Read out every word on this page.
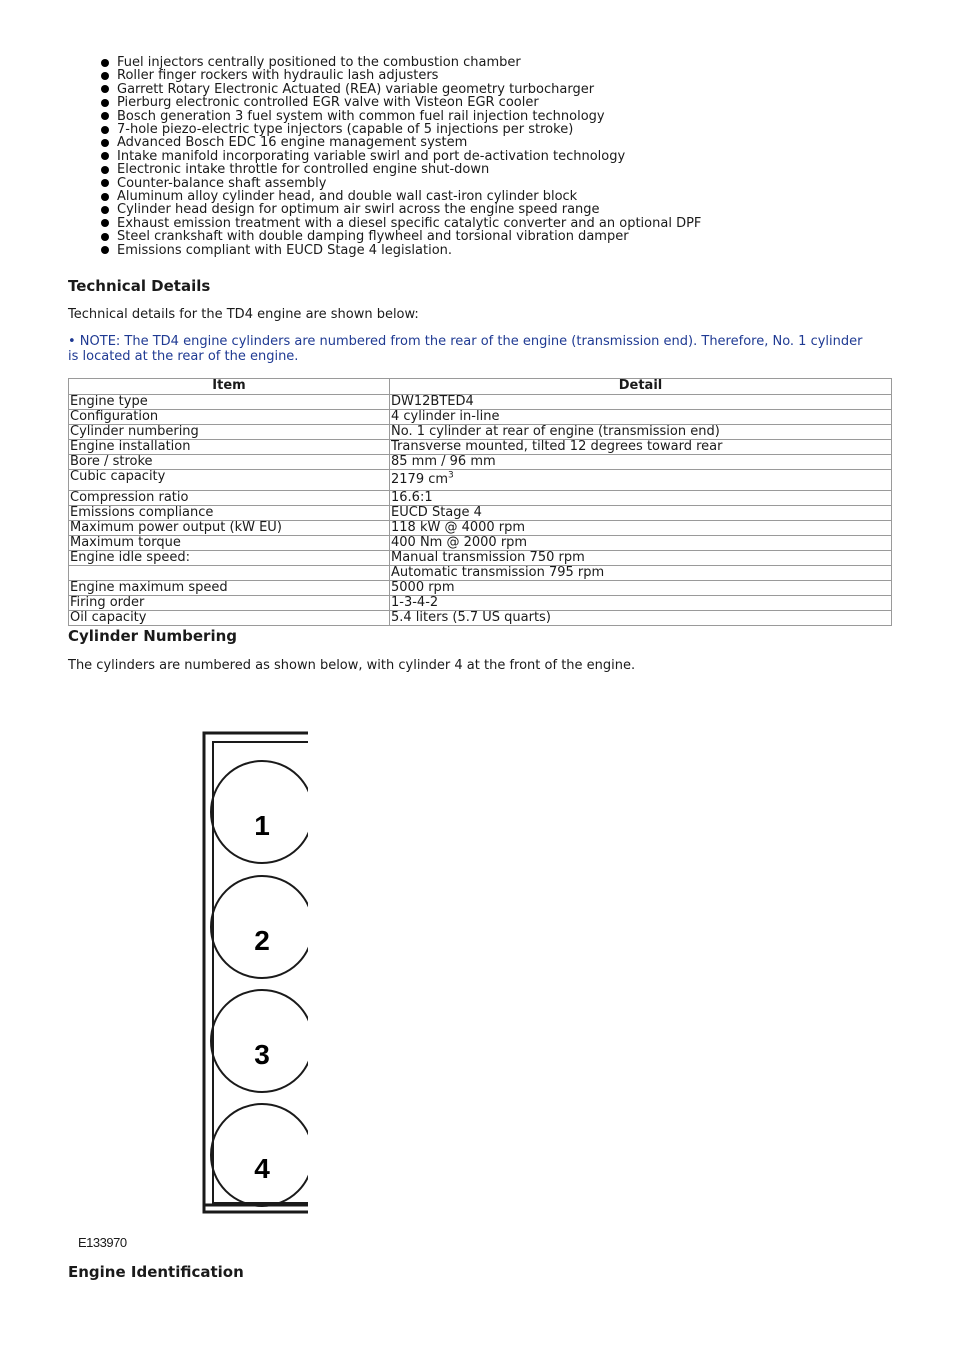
Fuel injectors centrally positioned to the combustion chamber
Roller finger rockers with hydraulic lash adjusters
Garrett Rotary Electronic Actuated (REA) variable geometry turbocharger
Pierburg electronic controlled EGR valve with Visteon EGR cooler
Bosch generation 3 fuel system with common fuel rail injection technology
7-hole piezo-electric type injectors (capable of 5 injections per stroke)
Advanced Bosch EDC 16 engine management system
Intake manifold incorporating variable swirl and port de-activation technology
Electronic intake throttle for controlled engine shut-down
Counter-balance shaft assembly
Aluminum alloy cylinder head, and double wall cast-iron cylinder block
Cylinder head design for optimum air swirl across the engine speed range
Exhaust emission treatment with a diesel specific catalytic converter and an optional DPF
Steel crankshaft with double damping flywheel and torsional vibration damper
Emissions compliant with EUCD Stage 4 legislation.
Technical Details

Technical details for the TD4 engine are shown below:

• NOTE: The TD4 engine cylinders are numbered from the rear of the engine (transmission end). Therefore, No. 1 cylinder

is located at the rear of the engine.

Item	Detail
Engine type	DW12BTED4
Configuration	4 cylinder in-line
Cylinder numbering	No. 1 cylinder at rear of engine (transmission end)
Engine installation	Transverse mounted, tilted 12 degrees toward rear
Bore / stroke	85 mm / 96 mm
Cubic capacity	2179 $cm^3$
Compression ratio	16.6:1
Emissions compliance	EUCD Stage 4
Maximum power output (kW EU)	118 kW @ 4000 rpm
Maximum torque	400 Nm @ 2000 rpm
Engine idle speed:	Manual transmission 750 rpm
	Automatic transmission 795 rpm
Engine maximum speed	5000 rpm
Firing order	1-3-4-2
Oil capacity	5.4 liters (5.7 US quarts)
Cylinder Numbering

The cylinders are numbered as shown below, with cylinder 4 at the front of the engine.

1
2
3
4
E133970
Engine Identification
